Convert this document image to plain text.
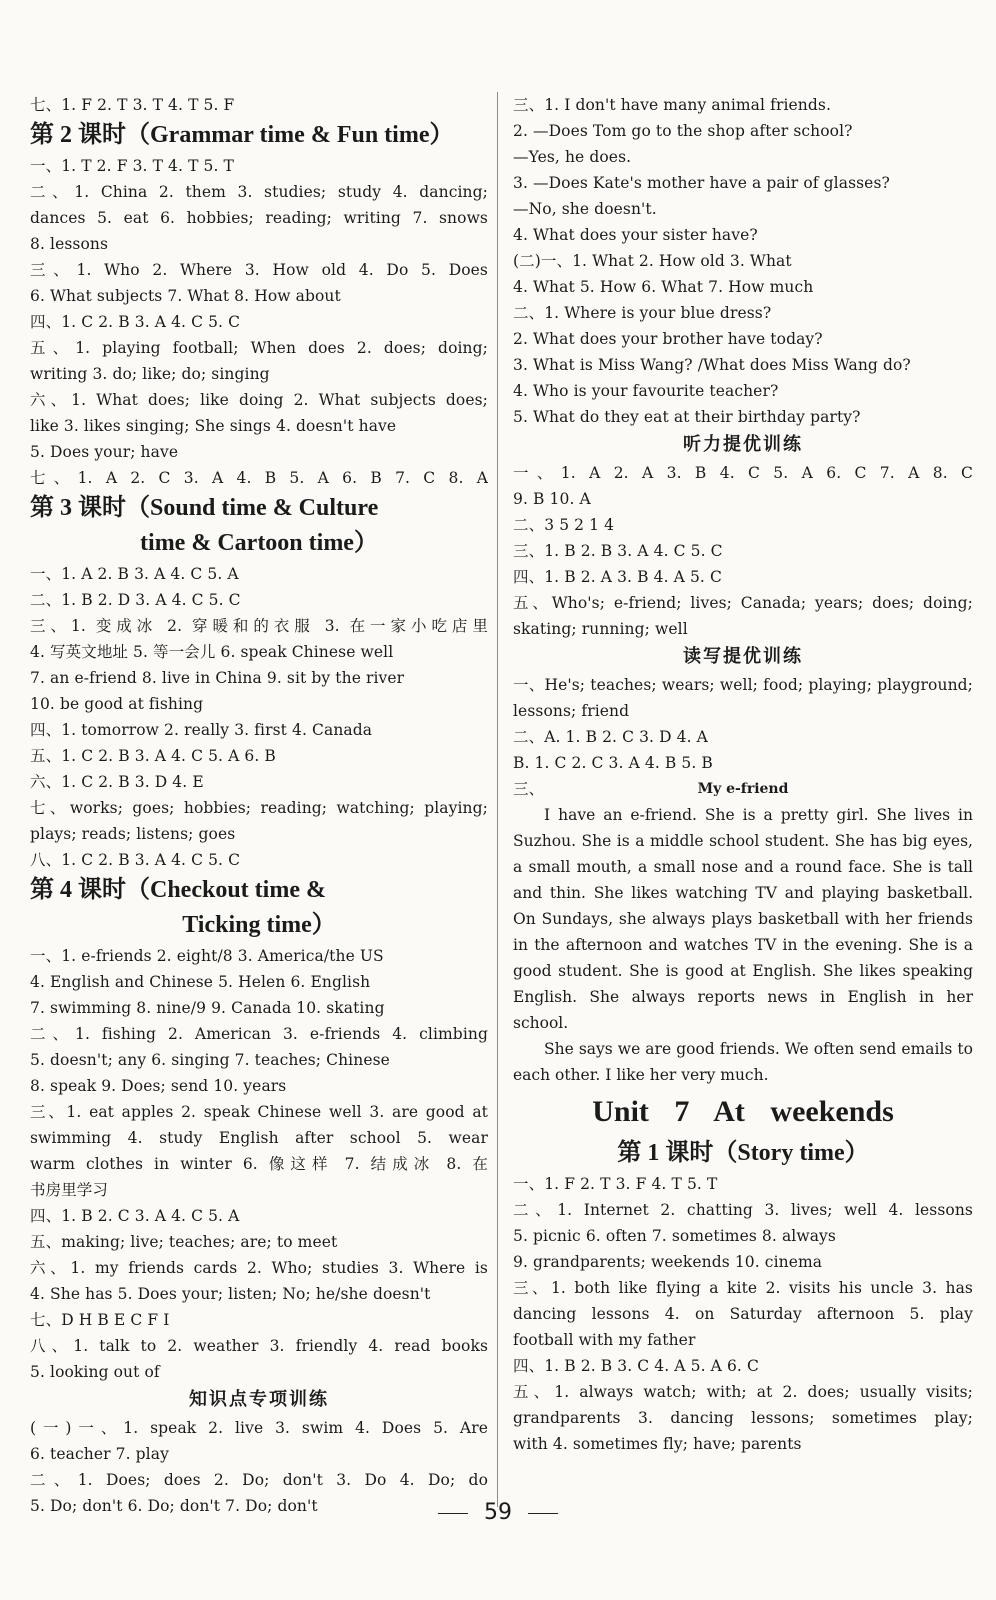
七、1. F 2. T 3. T 4. T 5. F
第 2 课时（Grammar time & Fun time）
一、1. T 2. F 3. T 4. T 5. T
二、1. China 2. them 3. studies; study 4. dancing;
dances 5. eat 6. hobbies; reading; writing 7. snows
8. lessons
三、1. Who 2. Where 3. How old 4. Do 5. Does
6. What subjects 7. What 8. How about
四、1. C 2. B 3. A 4. C 5. C
五、1. playing football; When does 2. does; doing;
writing 3. do; like; do; singing
六、1. What does; like doing 2. What subjects does;
like 3. likes singing; She sings 4. doesn't have
5. Does your; have
七、1. A 2. C 3. A 4. B 5. A 6. B 7. C 8. A
第 3 课时（Sound time & Culture
time & Cartoon time）
一、1. A 2. B 3. A 4. C 5. A
二、1. B 2. D 3. A 4. C 5. C
三、1. 变成冰 2. 穿暖和的衣服 3. 在一家小吃店里
4. 写英文地址 5. 等一会儿 6. speak Chinese well
7. an e-friend 8. live in China 9. sit by the river
10. be good at fishing
四、1. tomorrow 2. really 3. first 4. Canada
五、1. C 2. B 3. A 4. C 5. A 6. B
六、1. C 2. B 3. D 4. E
七、works; goes; hobbies; reading; watching; playing;
plays; reads; listens; goes
八、1. C 2. B 3. A 4. C 5. C
第 4 课时（Checkout time &
Ticking time）
一、1. e-friends 2. eight/8 3. America/the US
4. English and Chinese 5. Helen 6. English
7. swimming 8. nine/9 9. Canada 10. skating
二、1. fishing 2. American 3. e-friends 4. climbing
5. doesn't; any 6. singing 7. teaches; Chinese
8. speak 9. Does; send 10. years
三、1. eat apples 2. speak Chinese well 3. are good at
swimming 4. study English after school 5. wear
warm clothes in winter 6. 像这样 7. 结成冰 8. 在
书房里学习
四、1. B 2. C 3. A 4. C 5. A
五、making; live; teaches; are; to meet
六、1. my friends cards 2. Who; studies 3. Where is
4. She has 5. Does your; listen; No; he/she doesn't
七、D H B E C F I
八、1. talk to 2. weather 3. friendly 4. read books
5. looking out of
知识点专项训练
(一)一、1. speak 2. live 3. swim 4. Does 5. Are
6. teacher 7. play
二、1. Does; does 2. Do; don't 3. Do 4. Do; do
5. Do; don't 6. Do; don't 7. Do; don't
三、1. I don't have many animal friends.
2. —Does Tom go to the shop after school?
—Yes, he does.
3. —Does Kate's mother have a pair of glasses?
—No, she doesn't.
4. What does your sister have?
(二)一、1. What 2. How old 3. What
4. What 5. How 6. What 7. How much
二、1. Where is your blue dress?
2. What does your brother have today?
3. What is Miss Wang? /What does Miss Wang do?
4. Who is your favourite teacher?
5. What do they eat at their birthday party?
听力提优训练
一、1. A 2. A 3. B 4. C 5. A 6. C 7. A 8. C
9. B 10. A
二、3 5 2 1 4
三、1. B 2. B 3. A 4. C 5. C
四、1. B 2. A 3. B 4. A 5. C
五、Who's; e-friend; lives; Canada; years; does; doing;
skating; running; well
读写提优训练
一、He's; teaches; wears; well; food; playing; playground;
lessons; friend
二、A. 1. B 2. C 3. D 4. A
B. 1. C 2. C 3. A 4. B 5. B
三、	My e-friend
I have an e-friend. She is a pretty girl. She lives in Suzhou. She is a middle school student. She has big eyes, a small mouth, a small nose and a round face. She is tall and thin. She likes watching TV and playing basketball. On Sundays, she always plays basketball with her friends in the afternoon and watches TV in the evening. She is a good student. She is good at English. She likes speaking English. She always reports news in English in her school.
She says we are good friends. We often send emails to each other. I like her very much.
Unit 7 At weekends
第 1 课时（Story time）
一、1. F 2. T 3. F 4. T 5. T
二、1. Internet 2. chatting 3. lives; well 4. lessons
5. picnic 6. often 7. sometimes 8. always
9. grandparents; weekends 10. cinema
三、1. both like flying a kite 2. visits his uncle 3. has
dancing lessons 4. on Saturday afternoon 5. play
football with my father
四、1. B 2. B 3. C 4. A 5. A 6. C
五、1. always watch; with; at 2. does; usually visits;
grandparents 3. dancing lessons; sometimes play;
with 4. sometimes fly; have; parents
59
